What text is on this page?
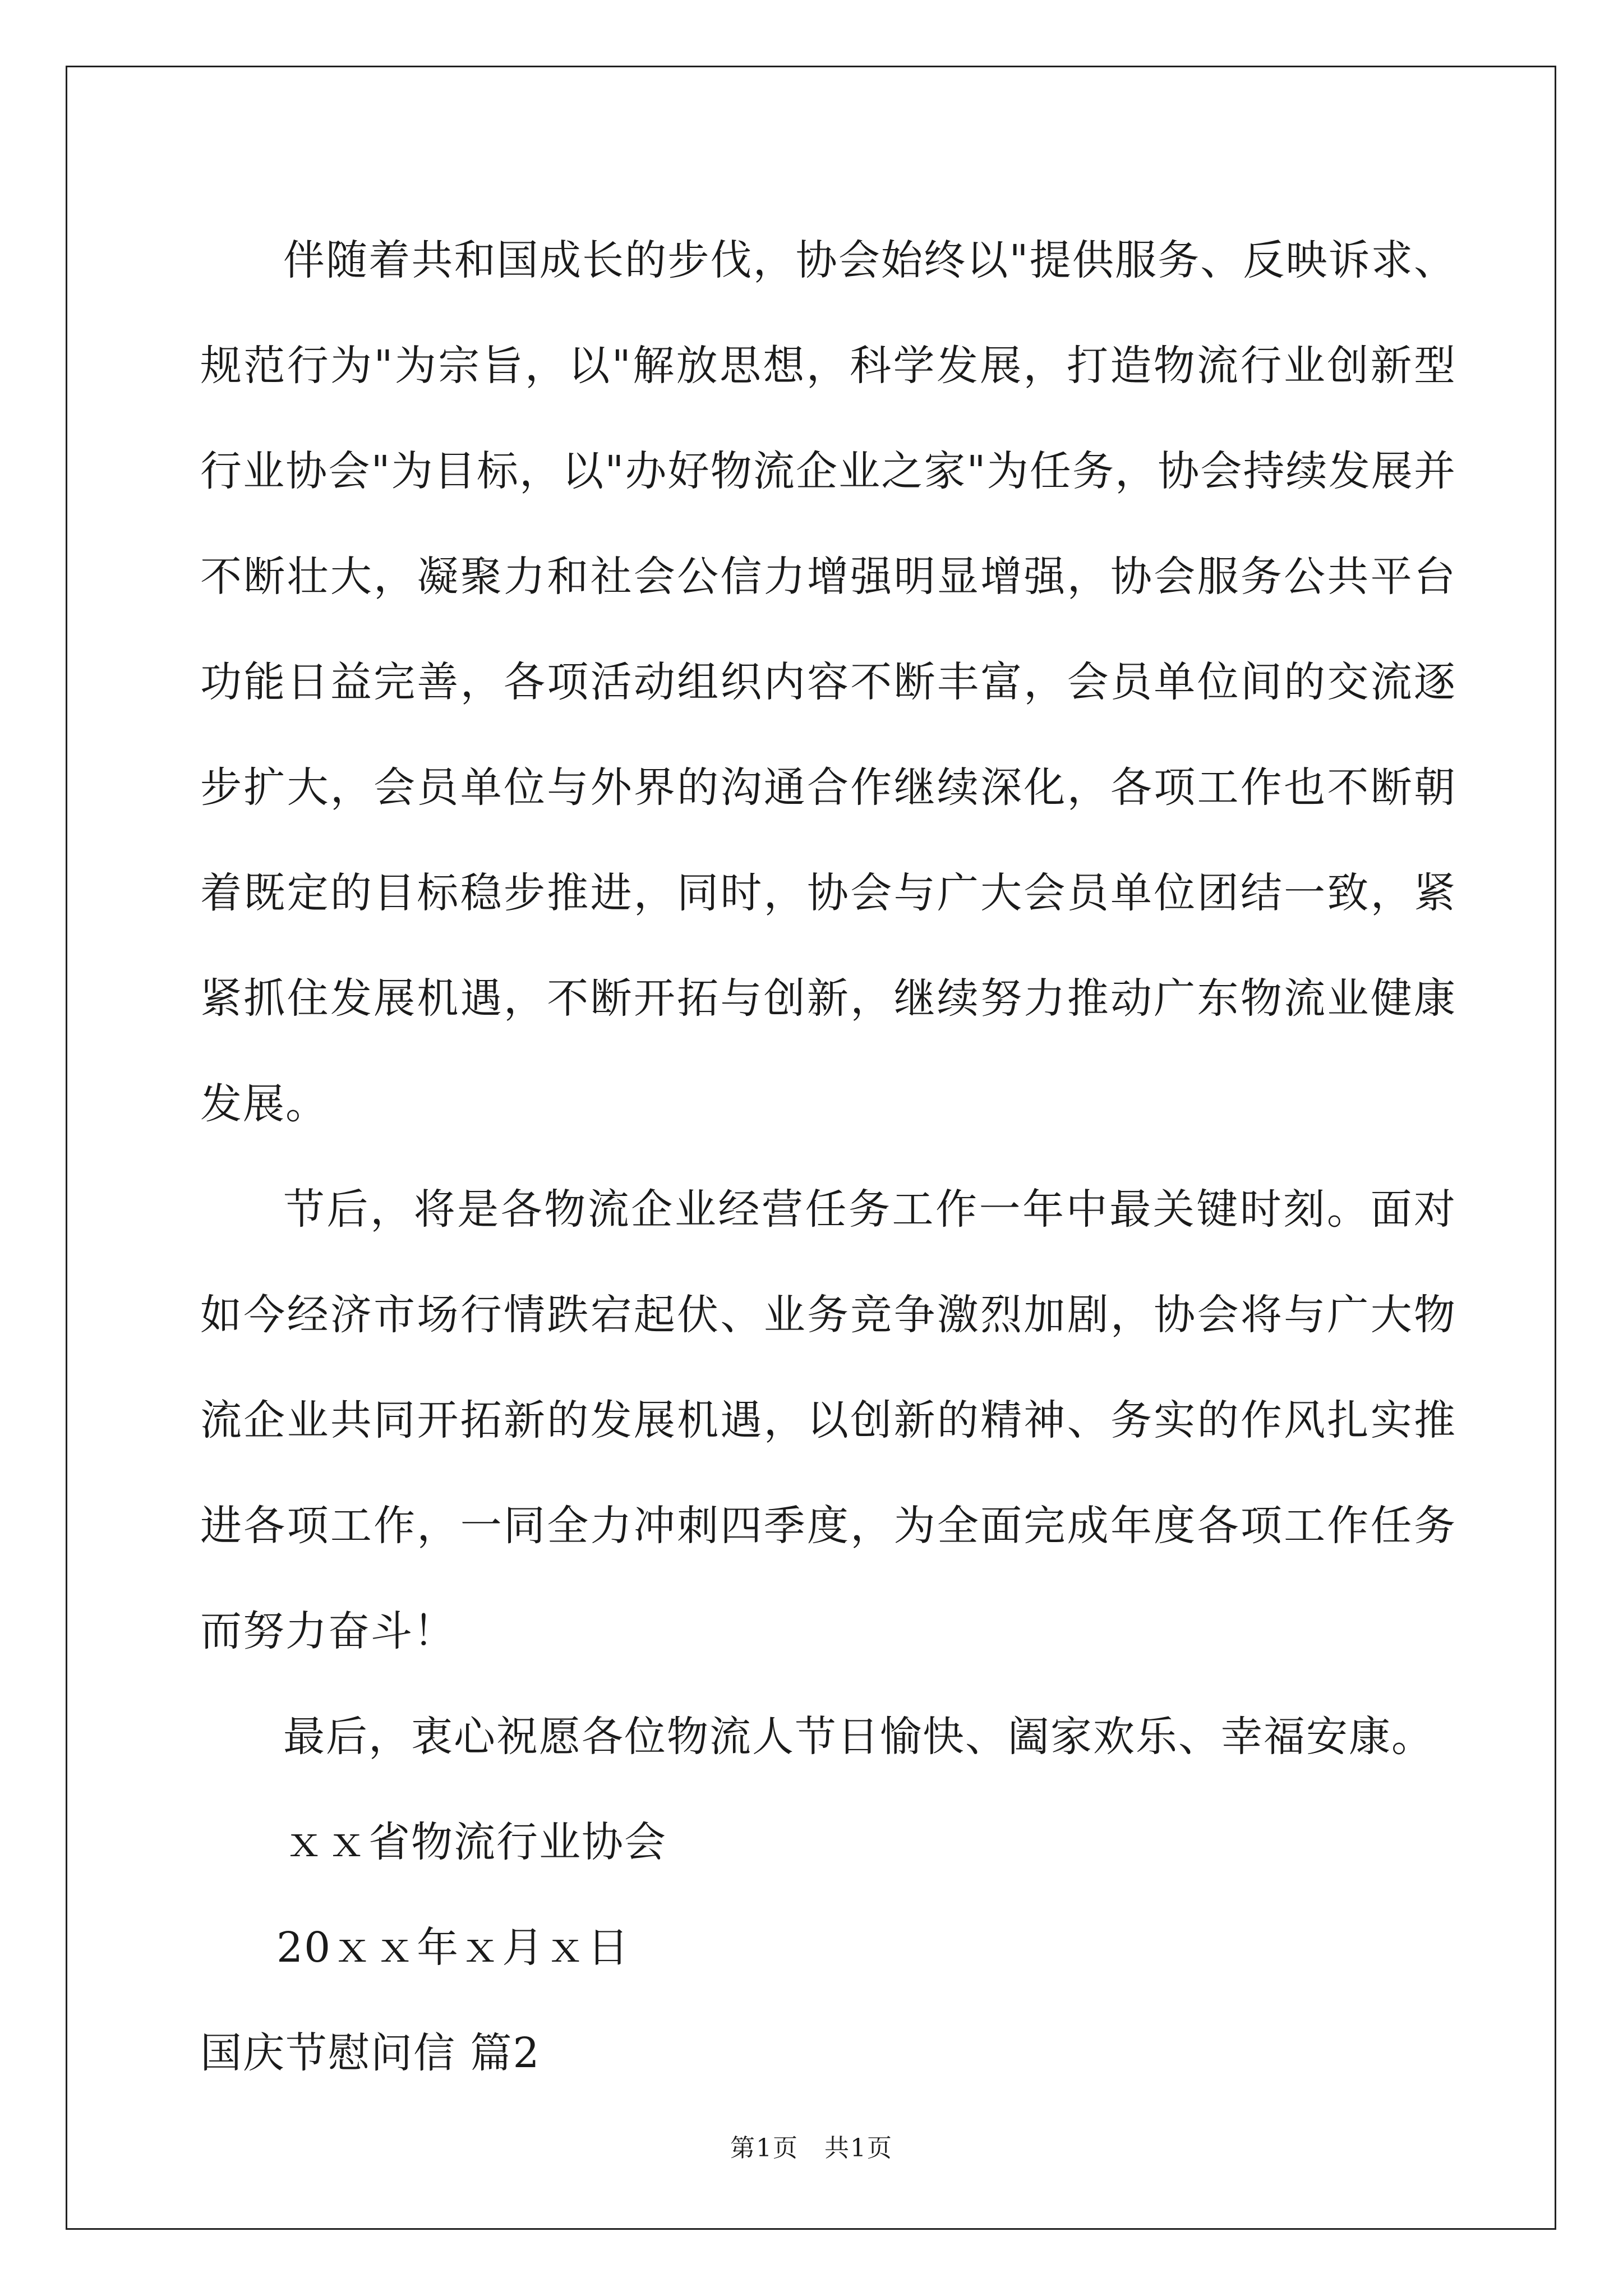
伴随着共和国成长的步伐，协会始终以"提供服务、反映诉求、规范行为"为宗旨，以"解放思想，科学发展，打造物流行业创新型行业协会"为目标，以"办好物流企业之家"为任务，协会持续发展并不断壮大，凝聚力和社会公信力增强明显增强，协会服务公共平台功能日益完善，各项活动组织内容不断丰富，会员单位间的交流逐步扩大，会员单位与外界的沟通合作继续深化，各项工作也不断朝着既定的目标稳步推进，同时，协会与广大会员单位团结一致，紧紧抓住发展机遇，不断开拓与创新，继续努力推动广东物流业健康发展。

节后，将是各物流企业经营任务工作一年中最关键时刻。面对如今经济市场行情跌宕起伏、业务竞争激烈加剧，协会将与广大物流企业共同开拓新的发展机遇，以创新的精神、务实的作风扎实推进各项工作，一同全力冲刺四季度，为全面完成年度各项工作任务而努力奋斗！

最后，衷心祝愿各位物流人节日愉快、阖家欢乐、幸福安康。

ｘｘ省物流行业协会

20ｘｘ年ｘ月ｘ日

国庆节慰问信 篇2

第1页　共1页
